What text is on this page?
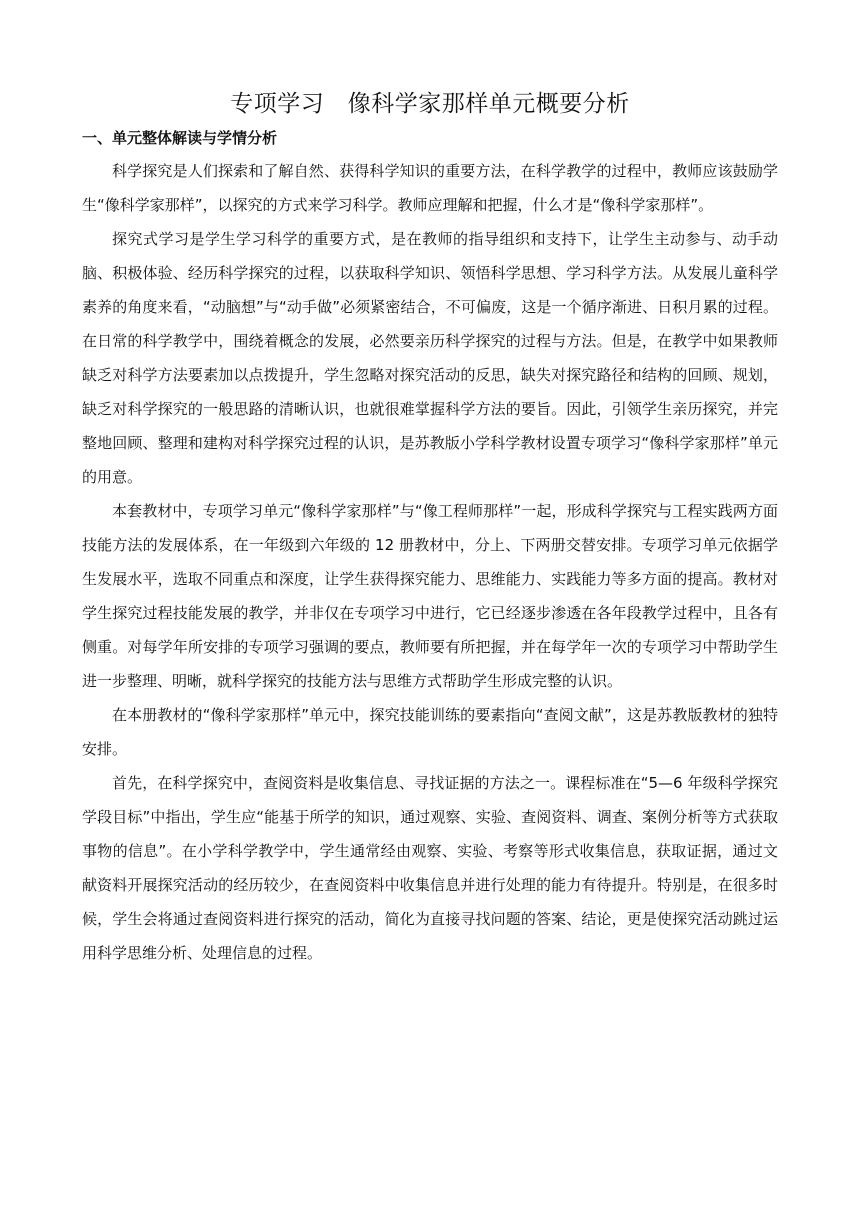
专项学习　像科学家那样单元概要分析
一、单元整体解读与学情分析

科学探究是人们探索和了解自然、获得科学知识的重要方法，在科学教学的过程中，教师应该鼓励学生“像科学家那样”，以探究的方式来学习科学。教师应理解和把握，什么才是“像科学家那样”。

探究式学习是学生学习科学的重要方式，是在教师的指导组织和支持下，让学生主动参与、动手动脑、积极体验、经历科学探究的过程，以获取科学知识、领悟科学思想、学习科学方法。从发展儿童科学素养的角度来看，“动脑想”与“动手做”必须紧密结合，不可偏废，这是一个循序渐进、日积月累的过程。在日常的科学教学中，围绕着概念的发展，必然要亲历科学探究的过程与方法。但是，在教学中如果教师缺乏对科学方法要素加以点拨提升，学生忽略对探究活动的反思，缺失对探究路径和结构的回顾、规划，缺乏对科学探究的一般思路的清晰认识，也就很难掌握科学方法的要旨。因此，引领学生亲历探究，并完整地回顾、整理和建构对科学探究过程的认识，是苏教版小学科学教材设置专项学习“像科学家那样”单元的用意。

本套教材中，专项学习单元“像科学家那样”与“像工程师那样”一起，形成科学探究与工程实践两方面技能方法的发展体系，在一年级到六年级的 12 册教材中，分上、下两册交替安排。专项学习单元依据学生发展水平，选取不同重点和深度，让学生获得探究能力、思维能力、实践能力等多方面的提高。教材对学生探究过程技能发展的教学，并非仅在专项学习中进行，它已经逐步渗透在各年段教学过程中，且各有侧重。对每学年所安排的专项学习强调的要点，教师要有所把握，并在每学年一次的专项学习中帮助学生进一步整理、明晰，就科学探究的技能方法与思维方式帮助学生形成完整的认识。

在本册教材的“像科学家那样”单元中，探究技能训练的要素指向“查阅文献”，这是苏教版教材的独特安排。

首先，在科学探究中，查阅资料是收集信息、寻找证据的方法之一。课程标准在“5—6 年级科学探究学段目标”中指出，学生应“能基于所学的知识，通过观察、实验、查阅资料、调查、案例分析等方式获取事物的信息”。在小学科学教学中，学生通常经由观察、实验、考察等形式收集信息，获取证据，通过文献资料开展探究活动的经历较少，在查阅资料中收集信息并进行处理的能力有待提升。特别是，在很多时候，学生会将通过查阅资料进行探究的活动，简化为直接寻找问题的答案、结论，更是使探究活动跳过运用科学思维分析、处理信息的过程。
